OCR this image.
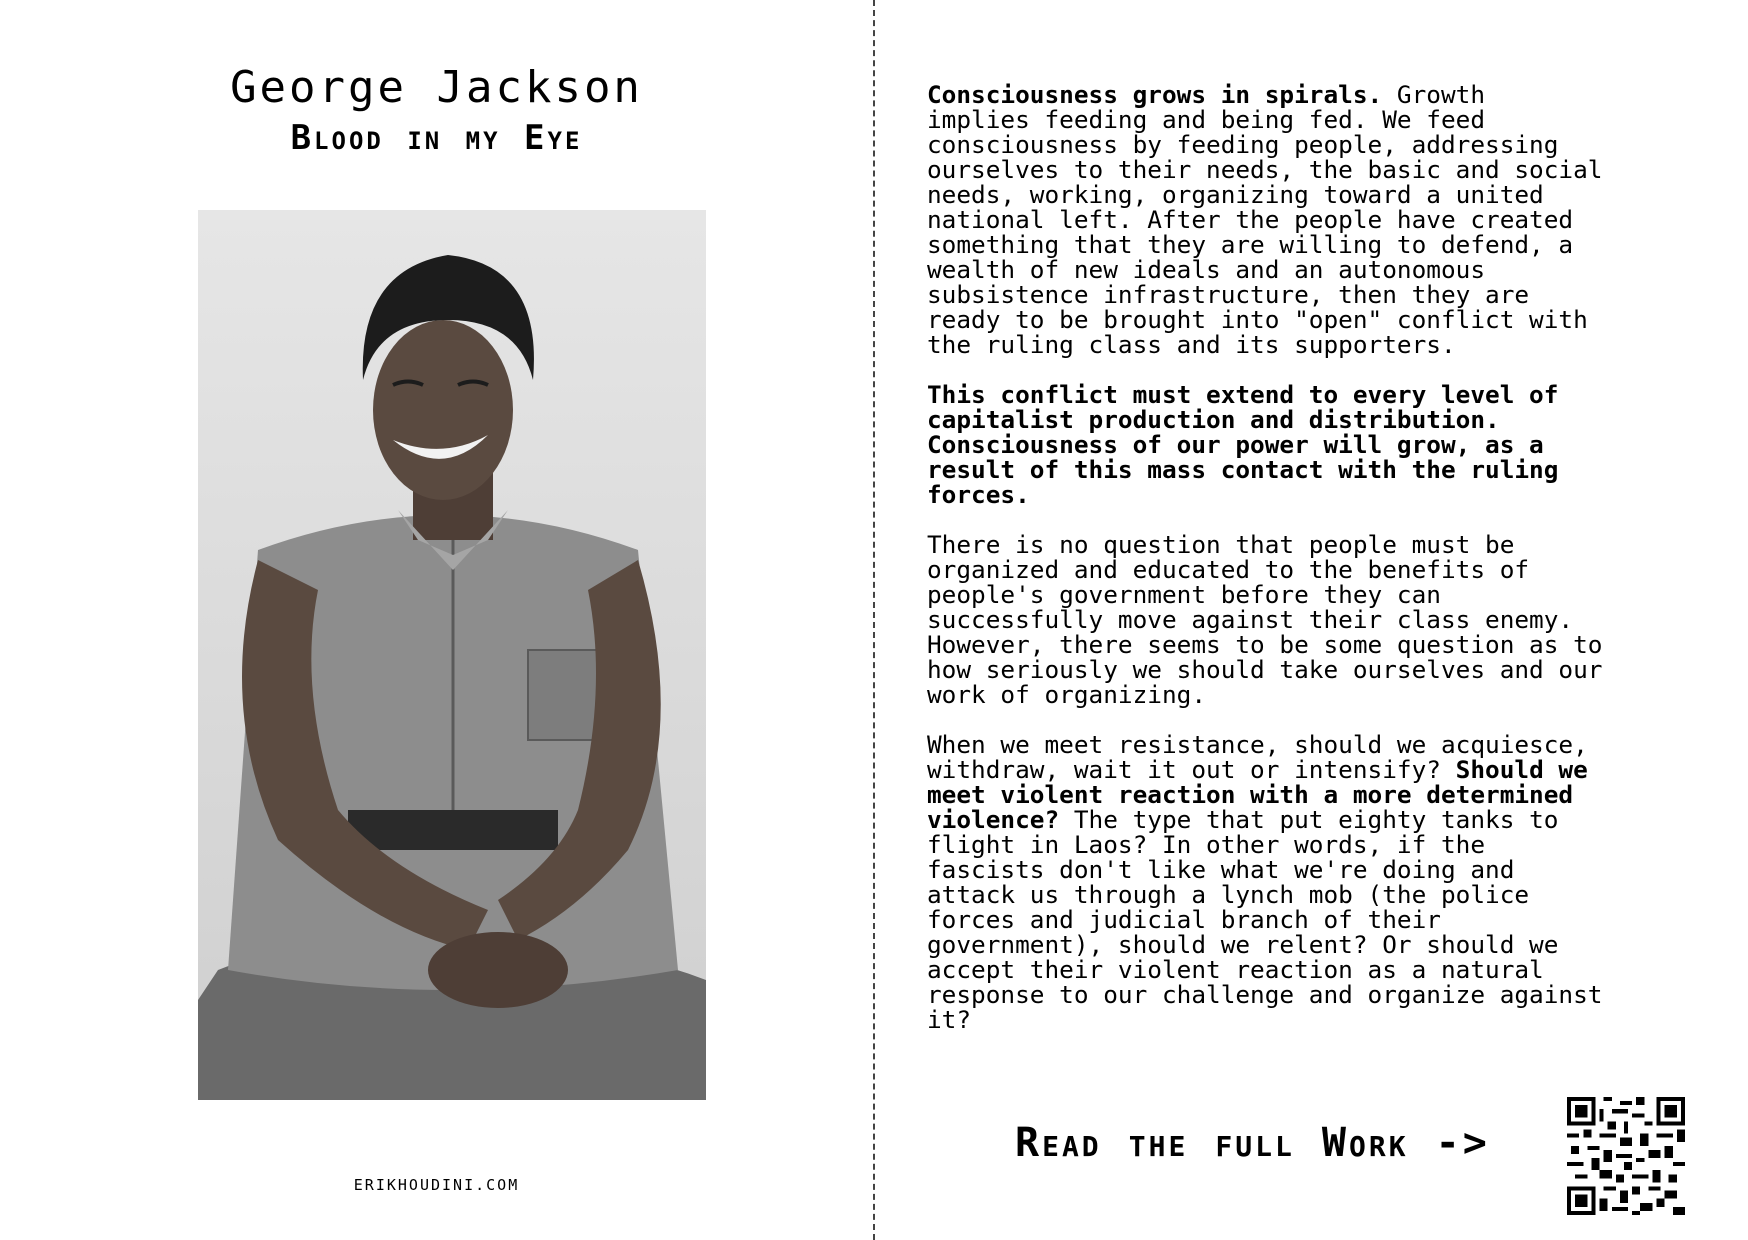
George Jackson
Blood in my Eye
ERIKHOUDINI.COM

Consciousness grows in spirals. Growth
implies feeding and being fed. We feed
consciousness by feeding people, addressing
ourselves to their needs, the basic and social
needs, working, organizing toward a united
national left. After the people have created
something that they are willing to defend, a
wealth of new ideals and an autonomous
subsistence infrastructure, then they are
ready to be brought into "open" conflict with
the ruling class and its supporters.

This conflict must extend to every level of
capitalist production and distribution.
Consciousness of our power will grow, as a
result of this mass contact with the ruling
forces.

There is no question that people must be
organized and educated to the benefits of
people's government before they can
successfully move against their class enemy.
However, there seems to be some question as to
how seriously we should take ourselves and our
work of organizing.

When we meet resistance, should we acquiesce,
withdraw, wait it out or intensify? Should we
meet violent reaction with a more determined
violence? The type that put eighty tanks to
flight in Laos? In other words, if the
fascists don't like what we're doing and
attack us through a lynch mob (the police
forces and judicial branch of their
government), should we relent? Or should we
accept their violent reaction as a natural
response to our challenge and organize against
it?

Read the full Work ->
